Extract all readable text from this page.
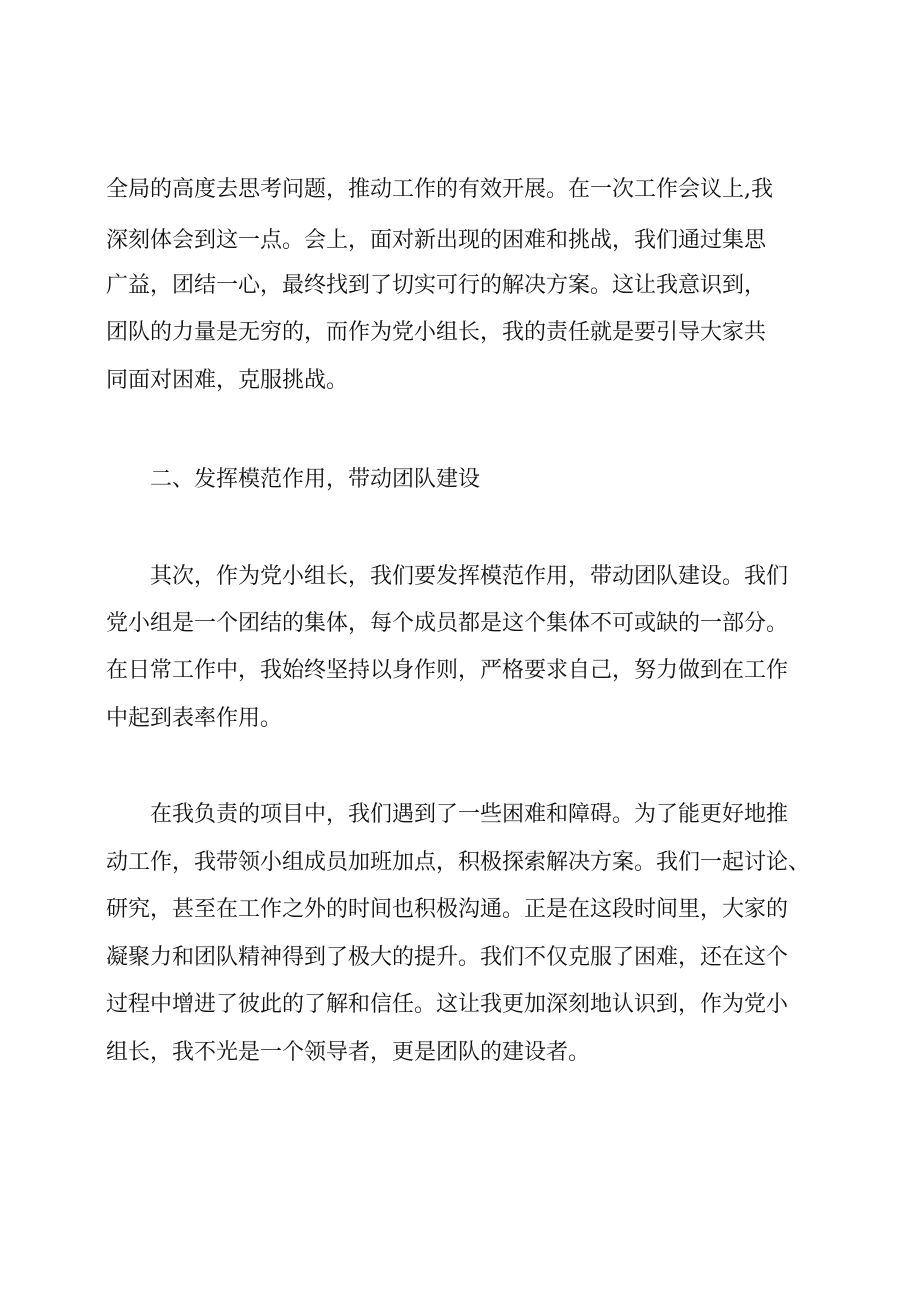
全局的高度去思考问题，推动工作的有效开展。在一次工作会议上,我
深刻体会到这一点。会上，面对新出现的困难和挑战，我们通过集思
广益，团结一心，最终找到了切实可行的解决方案。这让我意识到，
团队的力量是无穷的，而作为党小组长，我的责任就是要引导大家共
同面对困难，克服挑战。
二、发挥模范作用，带动团队建设
其次，作为党小组长，我们要发挥模范作用，带动团队建设。我们
党小组是一个团结的集体，每个成员都是这个集体不可或缺的一部分。
在日常工作中，我始终坚持以身作则，严格要求自己，努力做到在工作
中起到表率作用。
在我负责的项目中，我们遇到了一些困难和障碍。为了能更好地推
动工作，我带领小组成员加班加点，积极探索解决方案。我们一起讨论、
研究，甚至在工作之外的时间也积极沟通。正是在这段时间里，大家的
凝聚力和团队精神得到了极大的提升。我们不仅克服了困难，还在这个
过程中增进了彼此的了解和信任。这让我更加深刻地认识到，作为党小
组长，我不光是一个领导者，更是团队的建设者。
